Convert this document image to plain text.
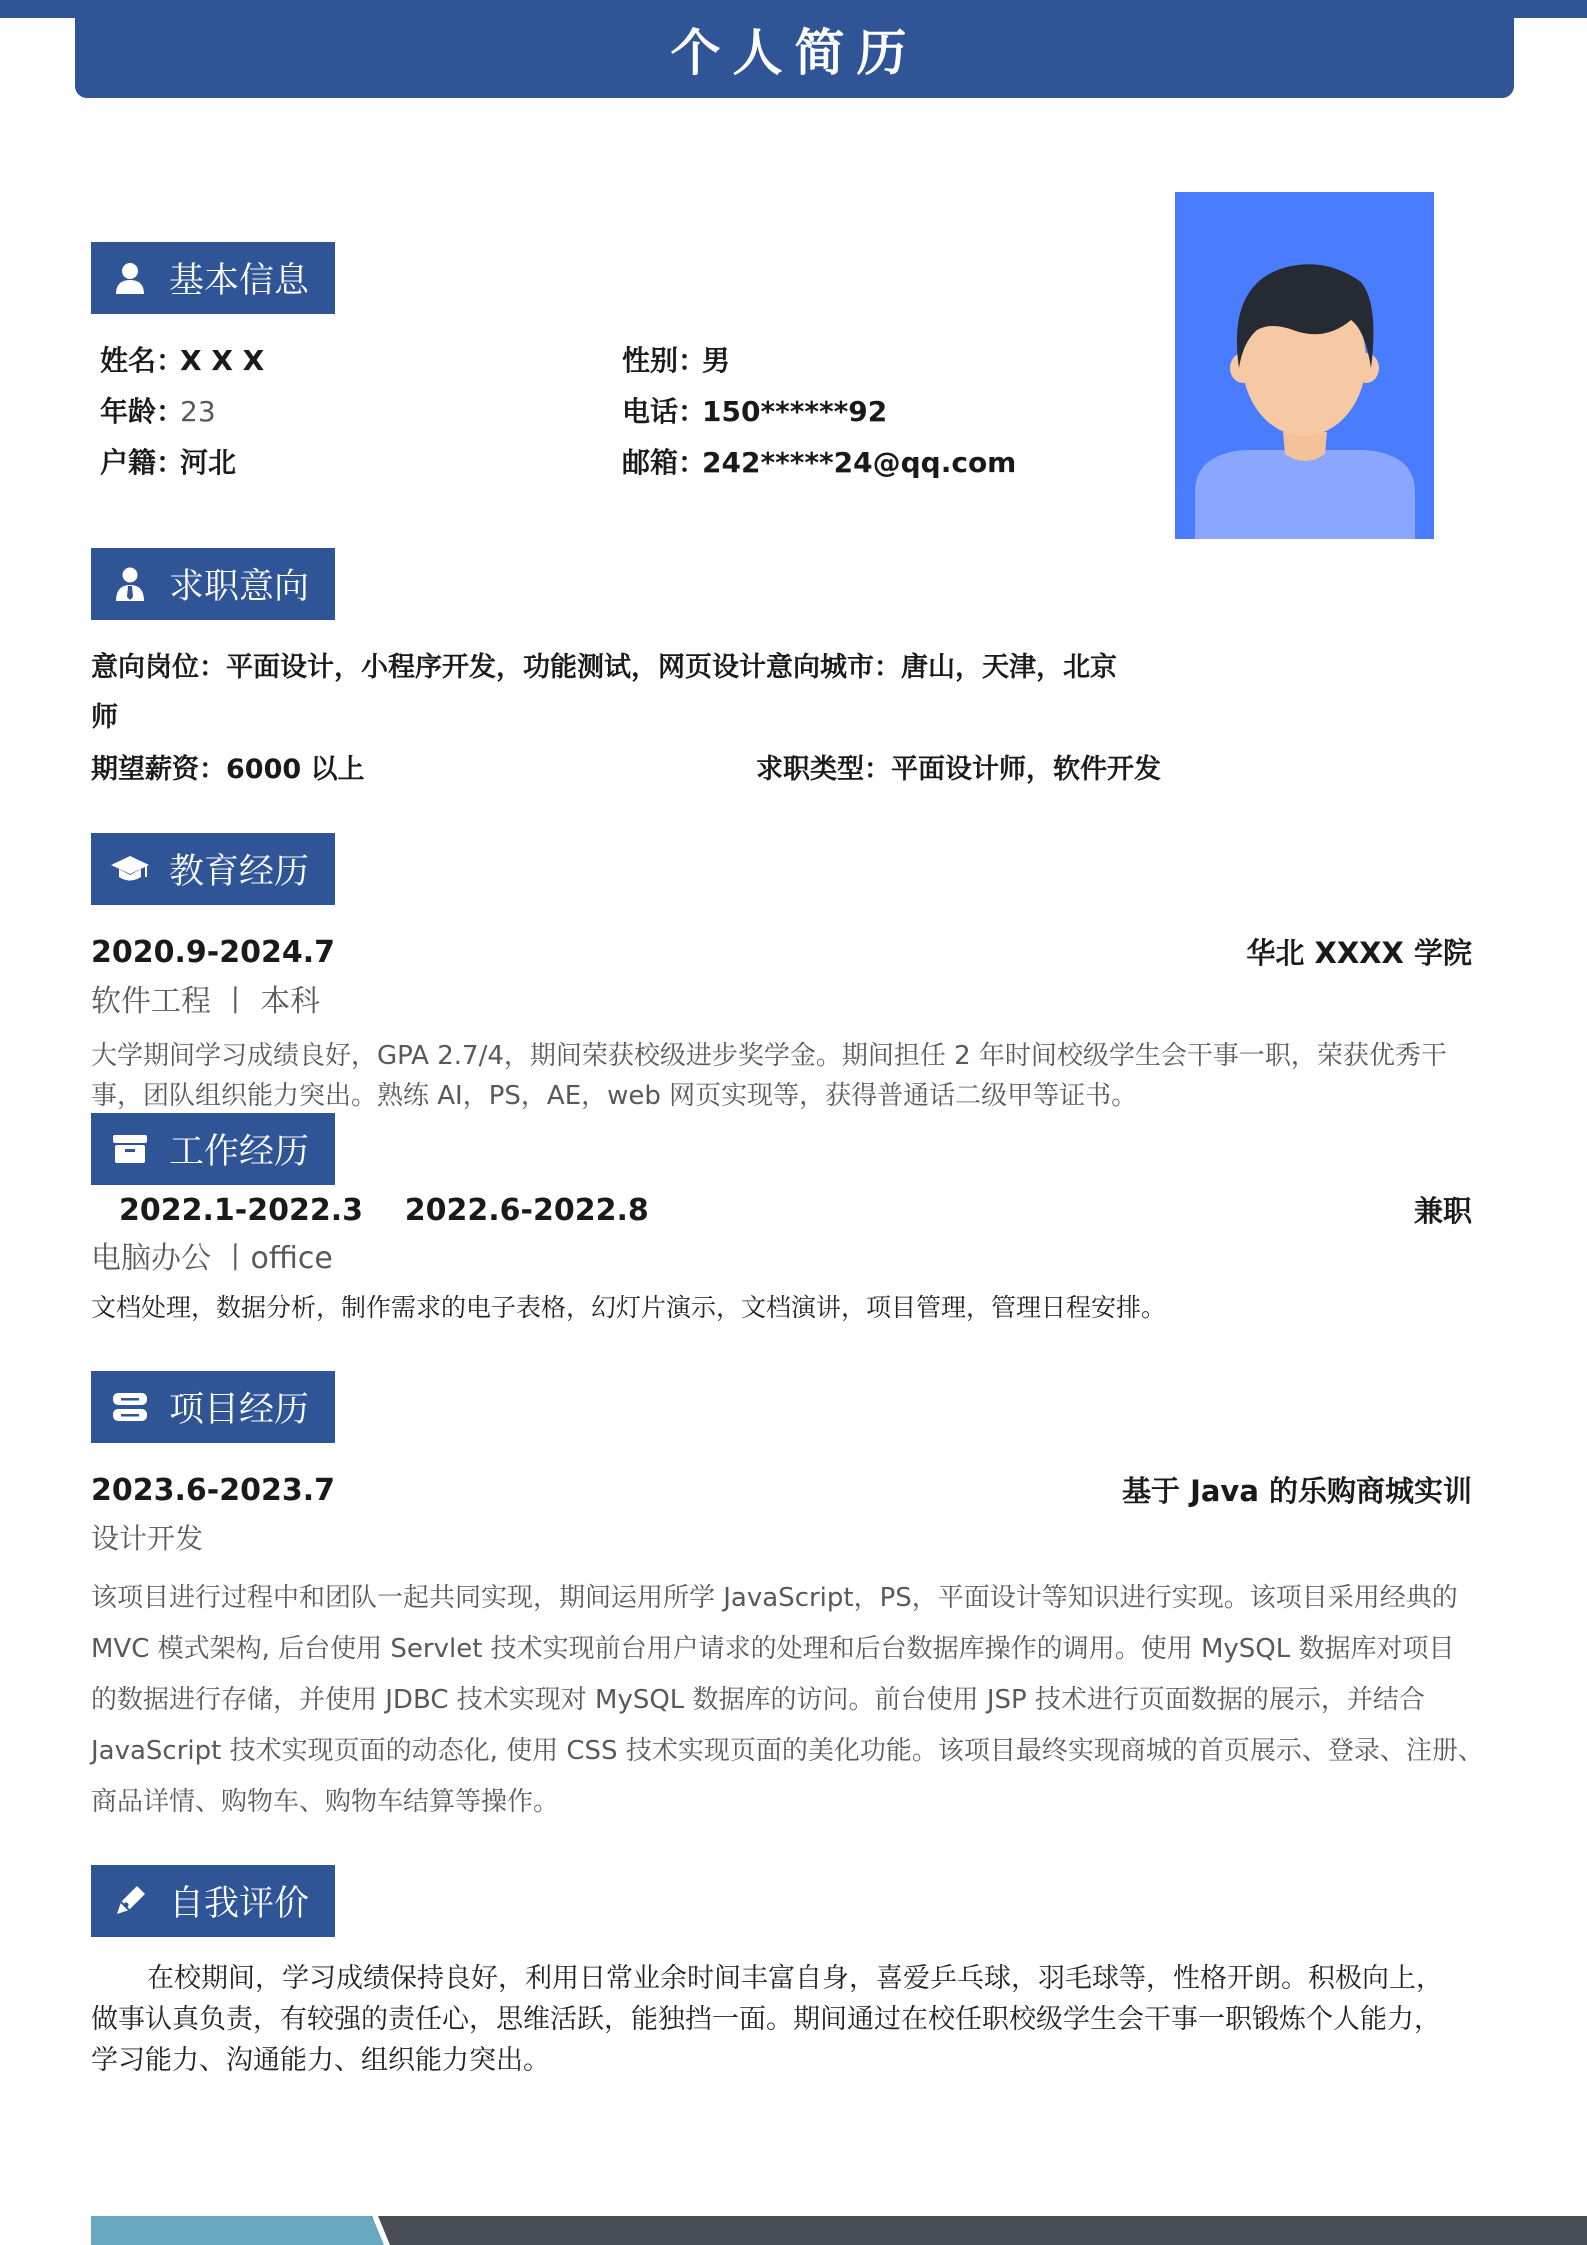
个人简历
基本信息
姓名：
X X X	性别：
男
年龄：
23	电话：
150******92
户籍：
河北	邮箱：
242*****24@qq.com
求职意向
意向岗位：平面设计，小程序开发，功能测试，网页设计意向城市：唐山，天津，北京
师
期望薪资：6000 以上	求职类型：平面设计师，软件开发
教育经历
2020.9-2024.7	华北 XXXX 学院
软件工程 丨 本科
大学期间学习成绩良好，GPA 2.7/4，期间荣获校级进步奖学金。期间担任 2 年时间校级学生会干事一职，荣获优秀干
事，团队组织能力突出。熟练 AI，PS，AE，web 网页实现等，获得普通话二级甲等证书。
工作经历
2022.1-2022.3    2022.6-2022.8	兼职
电脑办公 丨office
文档处理，数据分析，制作需求的电子表格，幻灯片演示，文档演讲，项目管理，管理日程安排。
项目经历
2023.6-2023.7	基于 Java 的乐购商城实训
设计开发
该项目进行过程中和团队一起共同实现，期间运用所学 JavaScript，PS，平面设计等知识进行实现。该项目采用经典的
MVC 模式架构, 后台使用 Servlet 技术实现前台用户请求的处理和后台数据库操作的调用。使用 MySQL 数据库对项目
的数据进行存储，并使用 JDBC 技术实现对 MySQL 数据库的访问。前台使用 JSP 技术进行页面数据的展示，并结合
JavaScript 技术实现页面的动态化, 使用 CSS 技术实现页面的美化功能。该项目最终实现商城的首页展示、登录、注册、
商品详情、购物车、购物车结算等操作。
自我评价
在校期间，学习成绩保持良好，利用日常业余时间丰富自身，喜爱乒乓球，羽毛球等，性格开朗。积极向上，
做事认真负责，有较强的责任心，思维活跃，能独挡一面。期间通过在校任职校级学生会干事一职锻炼个人能力，
学习能力、沟通能力、组织能力突出。
